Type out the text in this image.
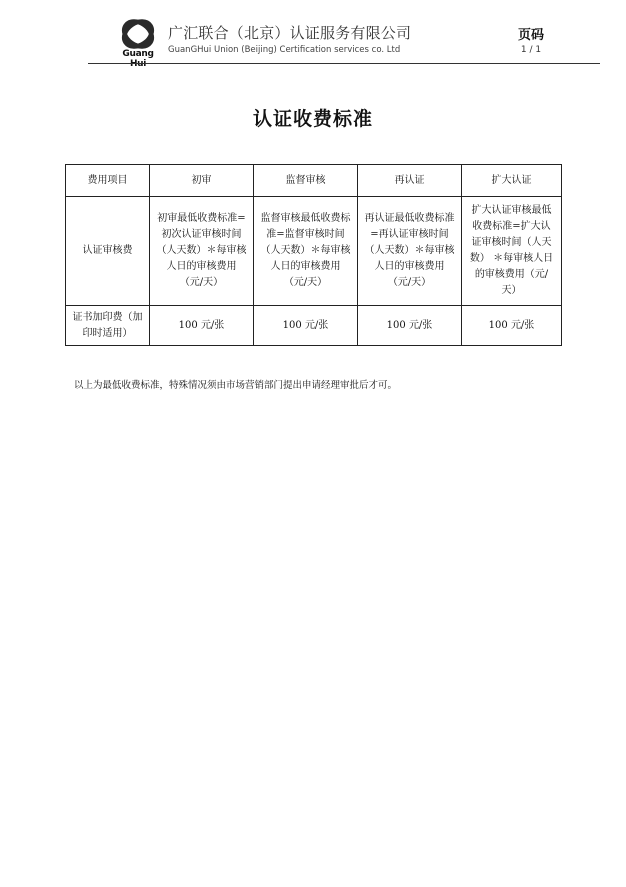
Guang Hui
广汇联合（北京）认证服务有限公司
GuanGHui Union (Beijing) Certification services co. Ltd
页码
1 / 1
认证收费标准
费用项目	初审	监督审核	再认证	扩大认证
认证审核费	初审最低收费标准=初次认证审核时间（人天数）＊每审核人日的审核费用（元/天）	监督审核最低收费标准=监督审核时间（人天数）＊每审核人日的审核费用（元/天）	再认证最低收费标准=再认证审核时间（人天数）＊每审核人日的审核费用（元/天）	扩大认证审核最低收费标准=扩大认证审核时间（人天数） ＊每审核人日的审核费用（元/天）
证书加印费（加印时适用）	100 元/张	100 元/张	100 元/张	100 元/张
以上为最低收费标准，特殊情况须由市场营销部门提出申请经理审批后才可。
